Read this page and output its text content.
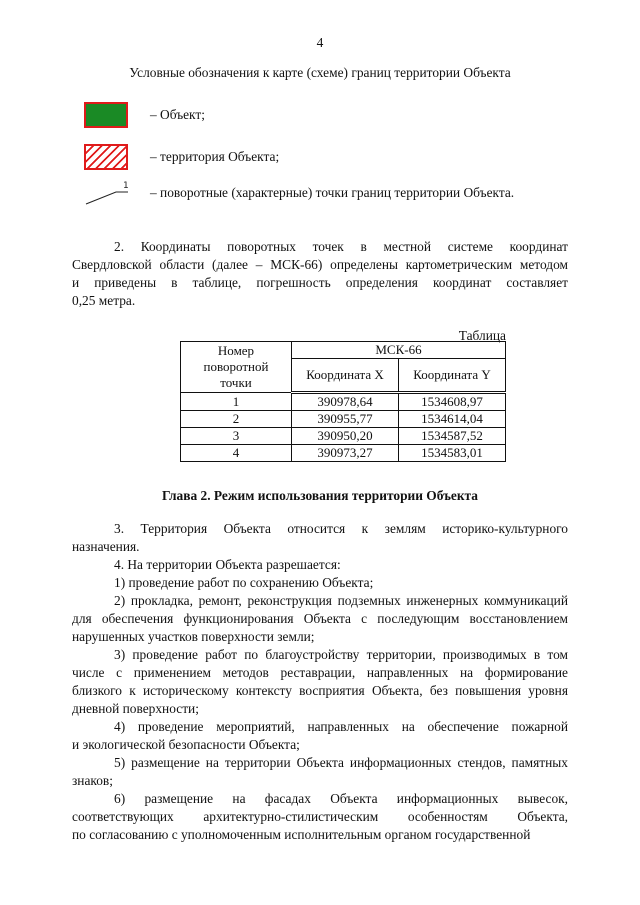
4
Условные обозначения к карте (схеме) границ территории Объекта
– Объект;
– территория Объекта;
1 – поворотные (характерные) точки границ территории Объекта.

2. Координаты поворотных точек в местной системе координат
Свердловской области (далее – МСК-66) определены картометрическим методом
и приведены в таблице, погрешность определения координат составляет
0,25 метра.

Таблица
Номер
поворотной
точки	МСК-66	
	Координата X	Координата Y
1	390978,64	1534608,97
2	390955,77	1534614,04
3	390950,20	1534587,52
4	390973,27	1534583,01
Глава 2. Режим использования территории Объекта
3. Территория Объекта относится к землям историко-культурного
назначения.
4. На территории Объекта разрешается:
1) проведение работ по сохранению Объекта;
2) прокладка, ремонт, реконструкция подземных инженерных коммуникаций
для обеспечения функционирования Объекта с последующим восстановлением
нарушенных участков поверхности земли;
3) проведение работ по благоустройству территории, производимых в том
числе с применением методов реставрации, направленных на формирование
близкого к историческому контексту восприятия Объекта, без повышения уровня
дневной поверхности;
4) проведение мероприятий, направленных на обеспечение пожарной
и экологической безопасности Объекта;
5) размещение на территории Объекта информационных стендов, памятных
знаков;
6) размещение на фасадах Объекта информационных вывесок,
соответствующих архитектурно-стилистическим особенностям Объекта,
по согласованию с уполномоченным исполнительным органом государственной
